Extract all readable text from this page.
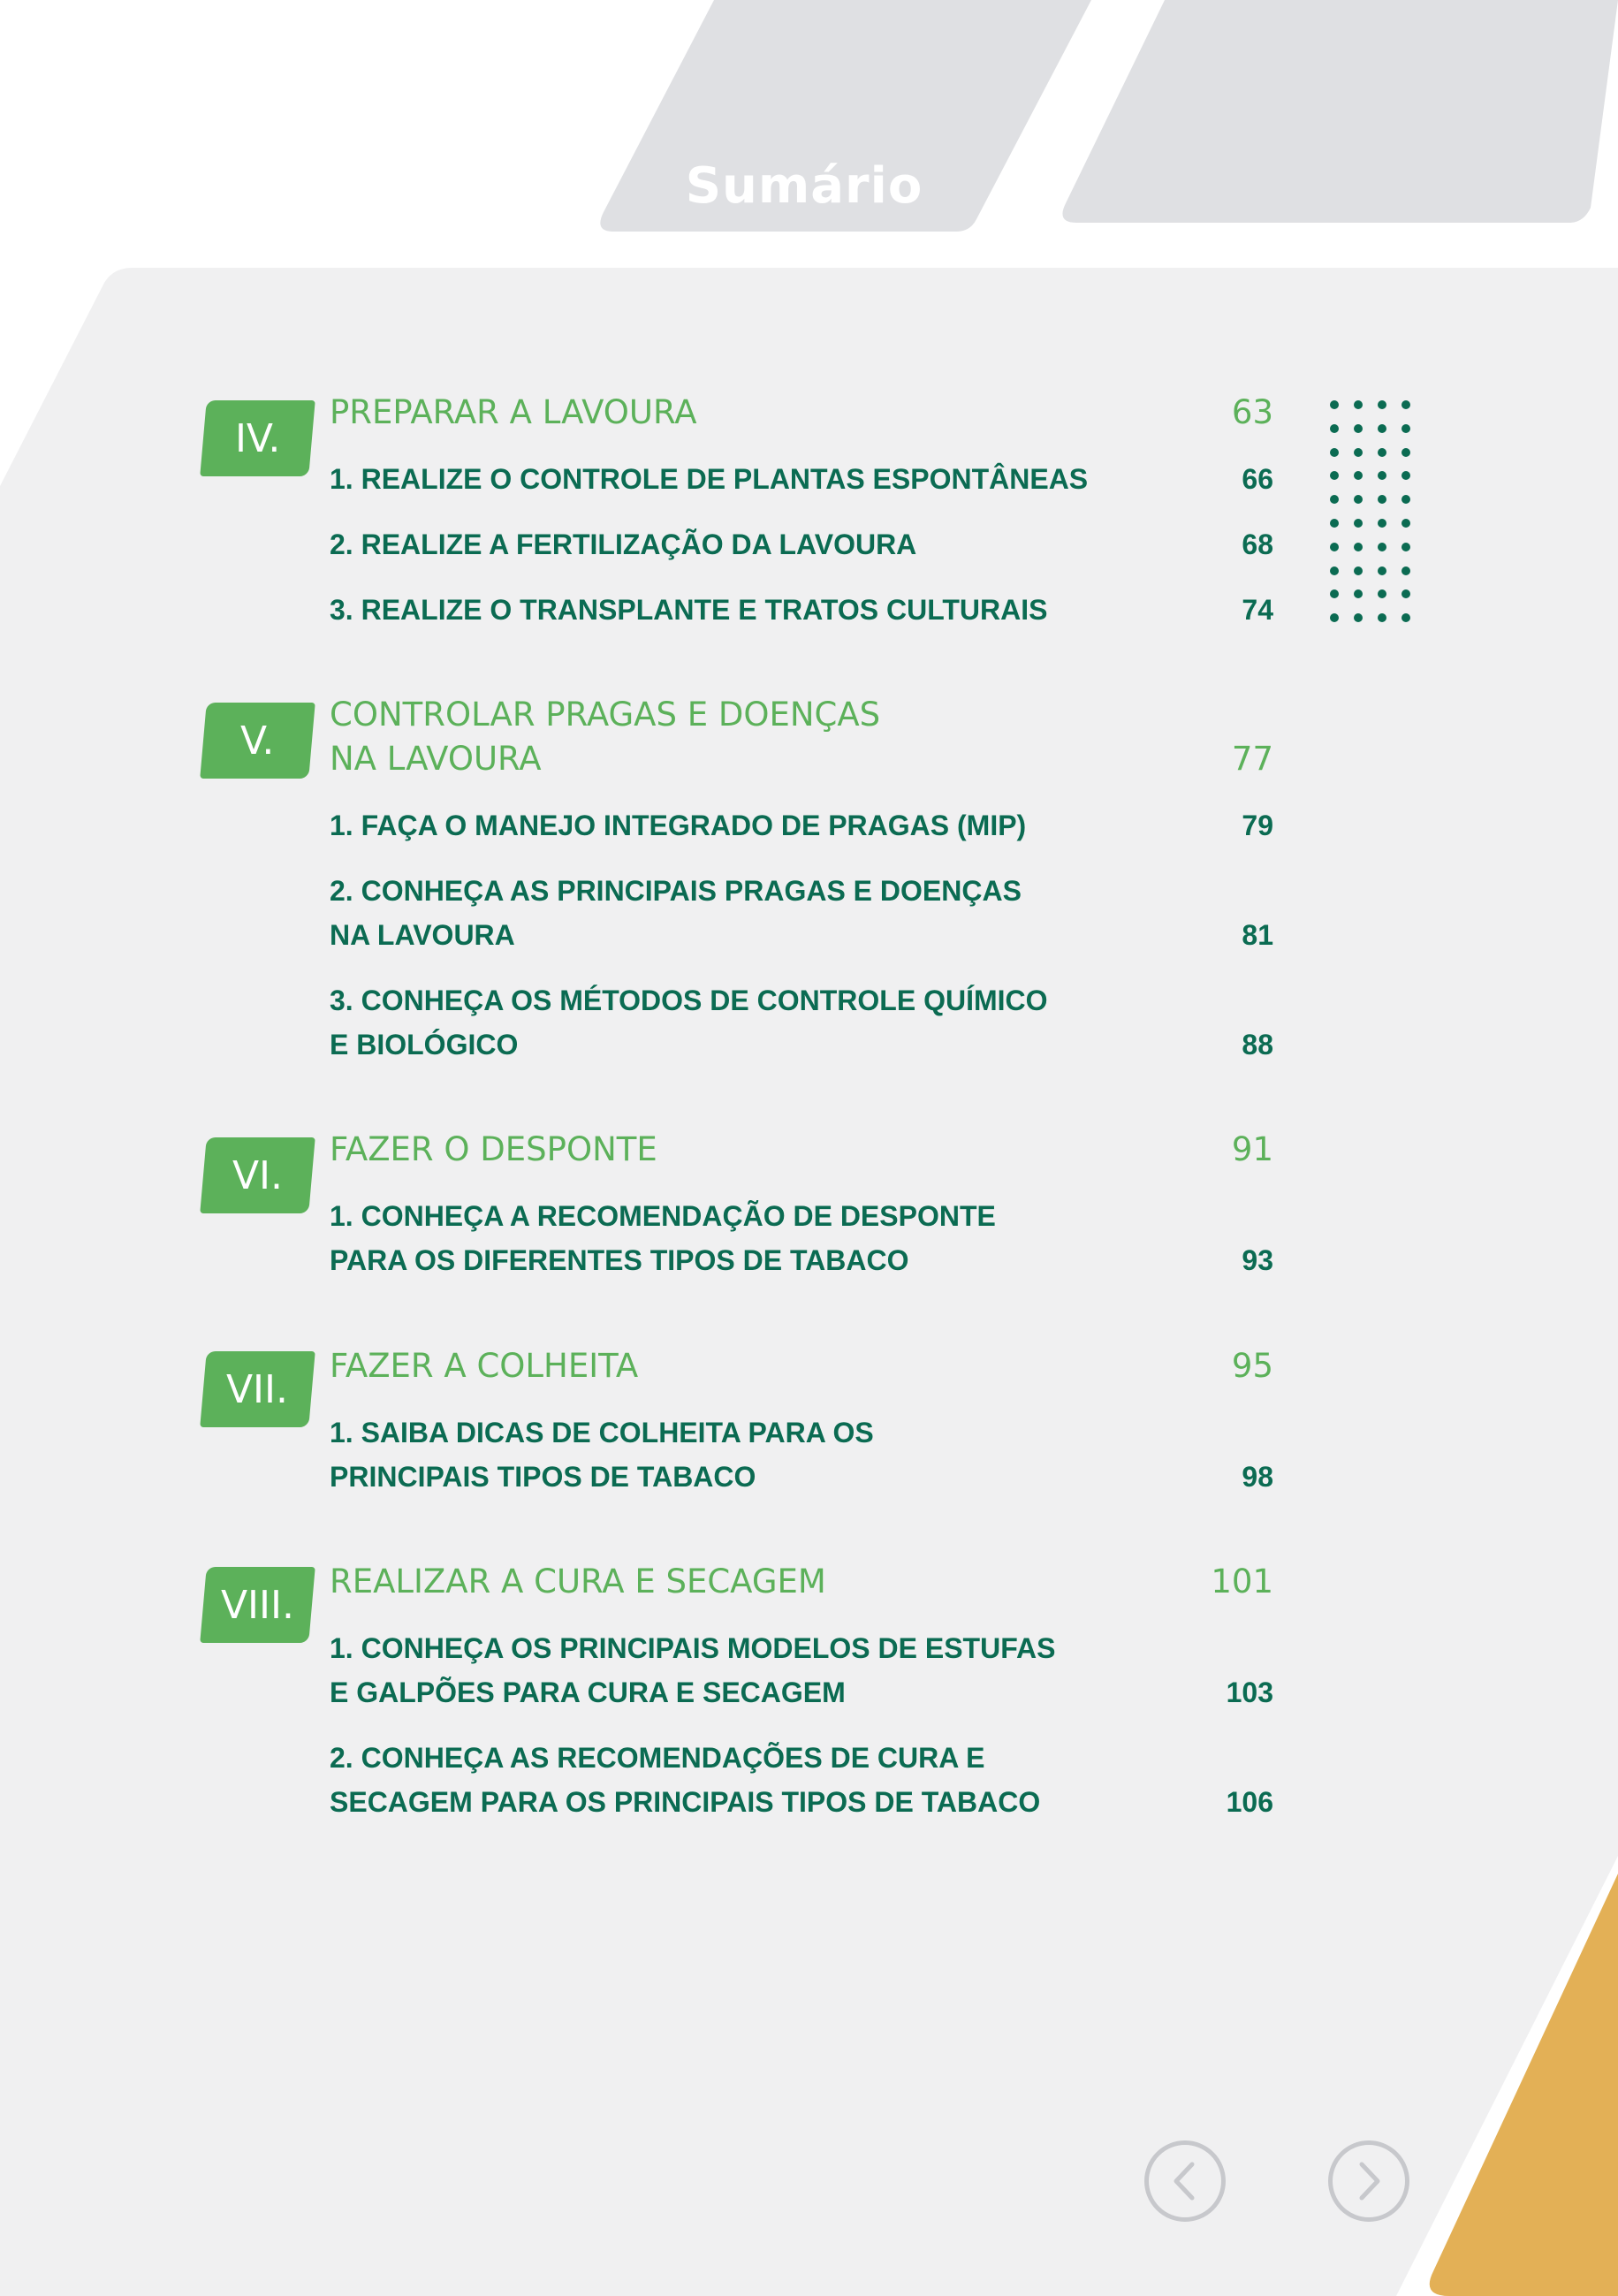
Sumário
IV.
PREPARAR A LAVOURA	63
1. REALIZE O CONTROLE DE PLANTAS ESPONTÂNEAS	66
2. REALIZE A FERTILIZAÇÃO DA LAVOURA	68
3. REALIZE O TRANSPLANTE E TRATOS CULTURAIS	74
V.
CONTROLAR PRAGAS E DOENÇAS
NA LAVOURA	77
1. FAÇA O MANEJO INTEGRADO DE PRAGAS (MIP)	79
2. CONHEÇA AS PRINCIPAIS PRAGAS E DOENÇAS
NA LAVOURA	81
3. CONHEÇA OS MÉTODOS DE CONTROLE QUÍMICO
E BIOLÓGICO	88
VI.
FAZER O DESPONTE	91
1. CONHEÇA A RECOMENDAÇÃO DE DESPONTE
PARA OS DIFERENTES TIPOS DE TABACO	93
VII.
FAZER A COLHEITA	95
1. SAIBA DICAS DE COLHEITA PARA OS
PRINCIPAIS TIPOS DE TABACO	98
VIII.
REALIZAR A CURA E SECAGEM	101
1. CONHEÇA OS PRINCIPAIS MODELOS DE ESTUFAS
E GALPÕES PARA CURA E SECAGEM	103
2. CONHEÇA AS RECOMENDAÇÕES DE CURA E
SECAGEM PARA OS PRINCIPAIS TIPOS DE TABACO	106
